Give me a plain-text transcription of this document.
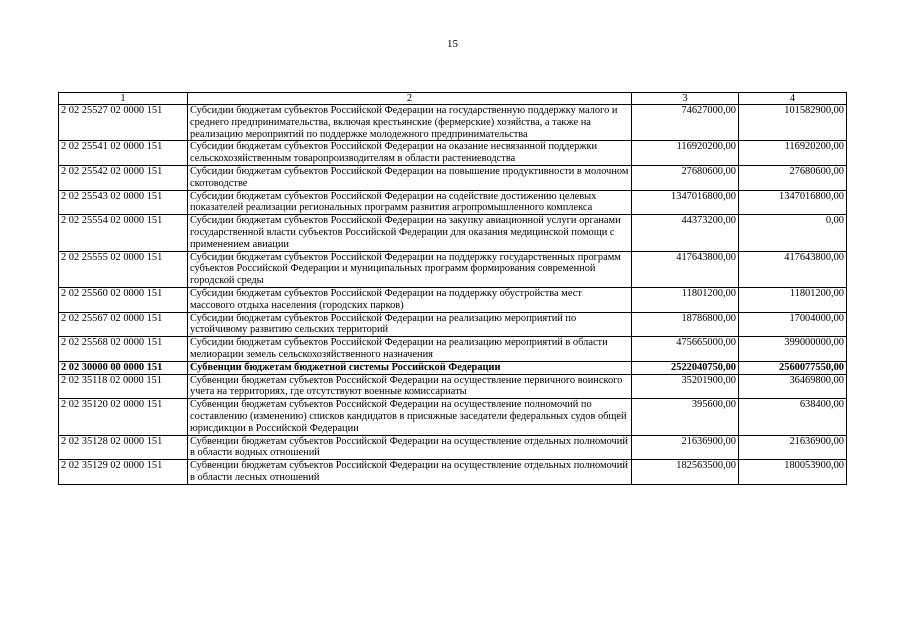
15
1	2	3	4
2 02 25527 02 0000 151	Субсидии бюджетам субъектов Российской Федерации на государственную поддержку малого и среднего предпринимательства, включая крестьянские (фермерские) хозяйства, а также на реализацию мероприятий по поддержке молодежного предпринимательства	74627000,00	101582900,00
2 02 25541 02 0000 151	Субсидии бюджетам субъектов Российской Федерации на оказание несвязанной поддержки сельскохозяйственным товаропроизводителям в области растениеводства	116920200,00	116920200,00
2 02 25542 02 0000 151	Субсидии бюджетам субъектов Российской Федерации на повышение продуктивности в молочном скотоводстве	27680600,00	27680600,00
2 02 25543 02 0000 151	Субсидии бюджетам субъектов Российской Федерации на содействие достижению целевых показателей реализации региональных программ развития агропромышленного комплекса	1347016800,00	1347016800,00
2 02 25554 02 0000 151	Субсидии бюджетам субъектов Российской Федерации на закупку авиационной услуги органами государственной власти субъектов Российской Федерации для оказания медицинской помощи с применением авиации	44373200,00	0,00
2 02 25555 02 0000 151	Субсидии бюджетам субъектов Российской Федерации на поддержку государственных программ субъектов Российской Федерации и муниципальных программ формирования современной городской среды	417643800,00	417643800,00
2 02 25560 02 0000 151	Субсидии бюджетам субъектов Российской Федерации на поддержку обустройства мест массового отдыха населения (городских парков)	11801200,00	11801200,00
2 02 25567 02 0000 151	Субсидии бюджетам субъектов Российской Федерации на реализацию мероприятий по устойчивому развитию сельских территорий	18786800,00	17004000,00
2 02 25568 02 0000 151	Субсидии бюджетам субъектов Российской Федерации на реализацию мероприятий в области мелиорации земель сельскохозяйственного назначения	475665000,00	399000000,00
2 02 30000 00 0000 151	Субвенции бюджетам бюджетной системы Российской Федерации	2522040750,00	2560077550,00
2 02 35118 02 0000 151	Субвенции бюджетам субъектов Российской Федерации на осуществление первичного воинского учета на территориях, где отсутствуют военные комиссариаты	35201900,00	36469800,00
2 02 35120 02 0000 151	Субвенции бюджетам субъектов Российской Федерации на осуществление полномочий по составлению (изменению) списков кандидатов в присяжные заседатели федеральных судов общей юрисдикции в Российской Федерации	395600,00	638400,00
2 02 35128 02 0000 151	Субвенции бюджетам субъектов Российской Федерации на осуществление отдельных полномочий в области водных отношений	21636900,00	21636900,00
2 02 35129 02 0000 151	Субвенции бюджетам субъектов Российской Федерации на осуществление отдельных полномочий в области лесных отношений	182563500,00	180053900,00
